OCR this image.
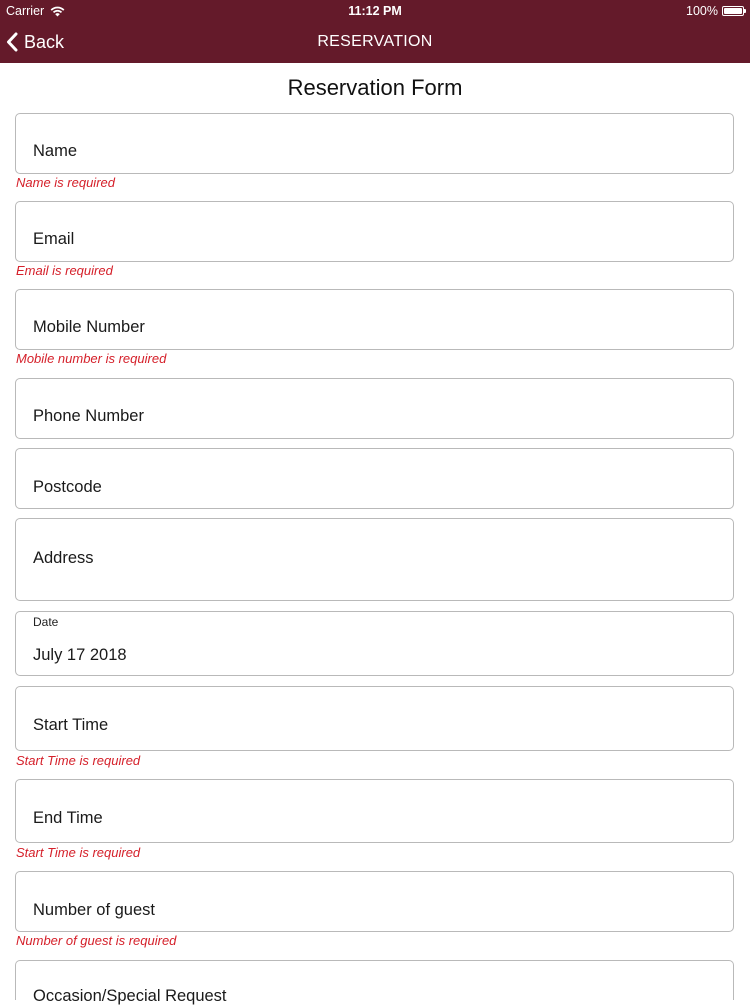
Carrier	11:12 PM	100%
Back	RESERVATION
Reservation Form
Name
Name is required
Email
Email is required
Mobile Number
Mobile number is required
Phone Number
Postcode
Address
Date
July 17 2018
Start Time
Start Time is required
End Time
Start Time is required
Number of guest
Number of guest is required
Occasion/Special Request
